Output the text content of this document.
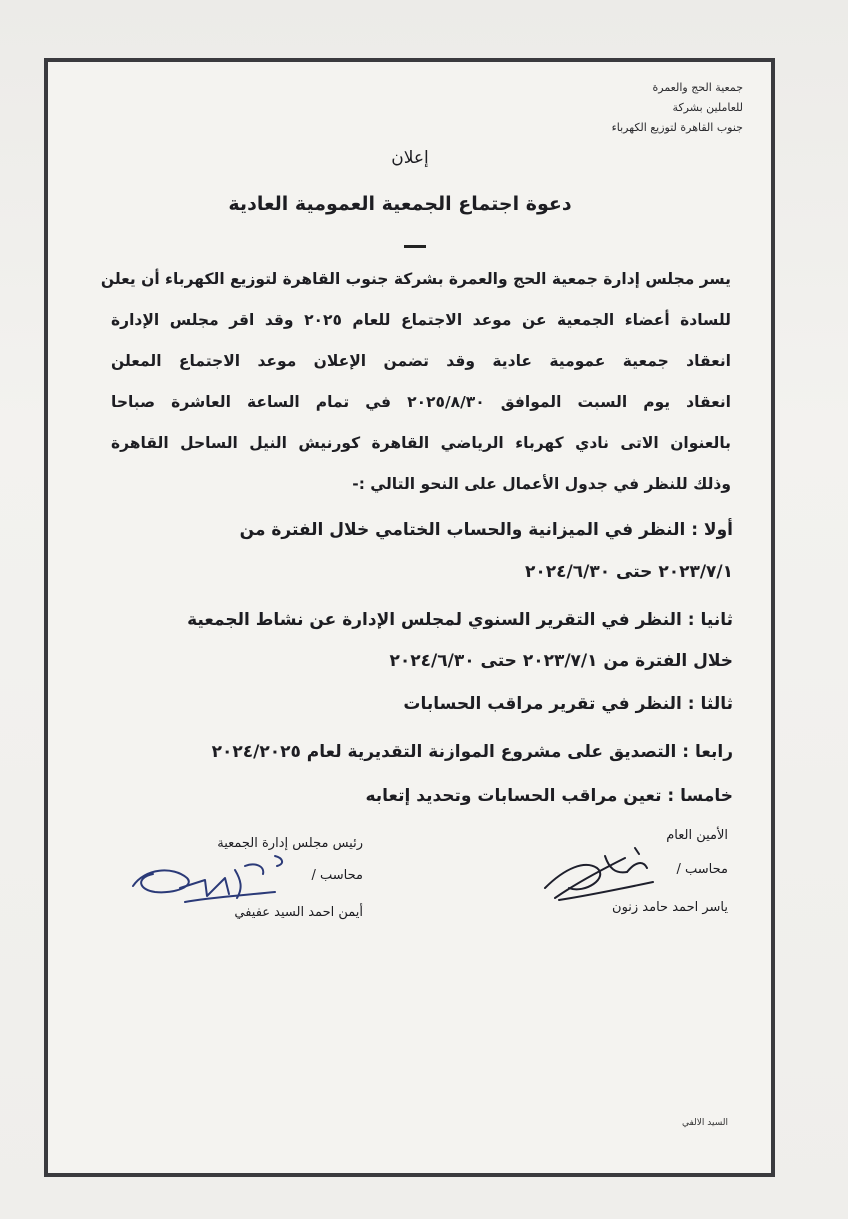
جمعية الحج والعمرة
للعاملين بشركة
جنوب القاهرة لتوزيع الكهرباء
إعلان
دعوة اجتماع الجمعية العمومية العادية
يسر مجلس إدارة جمعية الحج والعمرة بشركة جنوب القاهرة لتوزيع الكهرباء أن يعلن
للسادة أعضاء الجمعية عن موعد الاجتماع للعام ٢٠٢٥ وقد اقر مجلس الإدارة
انعقاد جمعية عمومية عادية وقد تضمن الإعلان موعد الاجتماع المعلن
انعقاد يوم السبت الموافق ٢٠٢٥/٨/٣٠ في تمام الساعة العاشرة صباحا
بالعنوان الاتى نادي كهرباء الرياضي القاهرة كورنيش النيل الساحل القاهرة
وذلك للنظر في جدول الأعمال على النحو التالي :-
أولا : النظر في الميزانية والحساب الختامي خلال الفترة من
٢٠٢٣/٧/١ حتى ٢٠٢٤/٦/٣٠
ثانيا : النظر في التقرير السنوي لمجلس الإدارة عن نشاط الجمعية
خلال الفترة من ٢٠٢٣/٧/١ حتى ٢٠٢٤/٦/٣٠
ثالثا : النظر في تقرير مراقب الحسابات
رابعا : التصديق على مشروع الموازنة التقديرية لعام ٢٠٢٤/٢٠٢٥
خامسا : تعين مراقب الحسابات وتحديد إتعابه
رئيس مجلس إدارة الجمعية
محاسب /
أيمن احمد السيد عفيفي
الأمين العام
محاسب /
ياسر احمد حامد زنون
السيد الالفي
